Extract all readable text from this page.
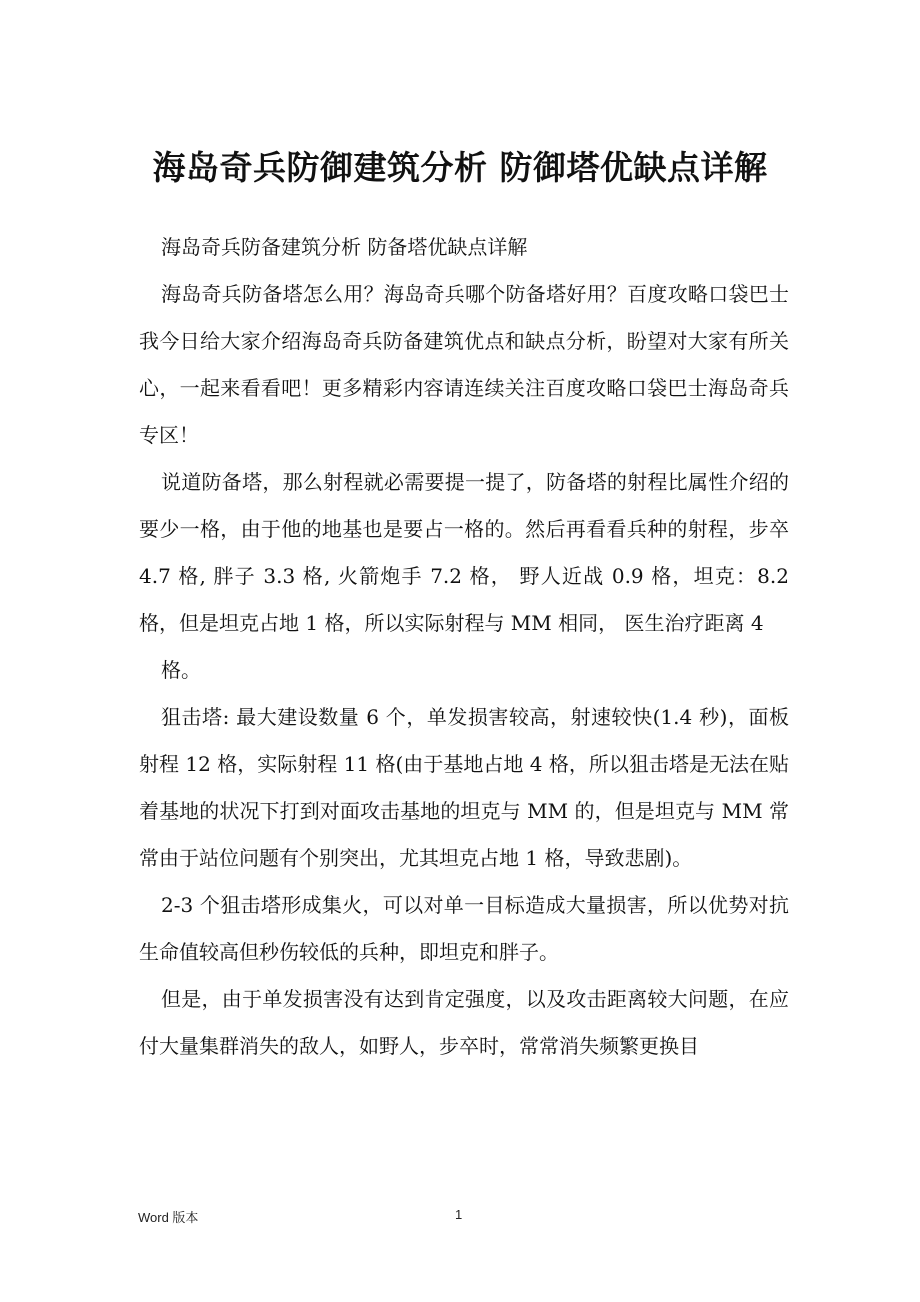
海岛奇兵防御建筑分析 防御塔优缺点详解

海岛奇兵防备建筑分析 防备塔优缺点详解

海岛奇兵防备塔怎么用？海岛奇兵哪个防备塔好用？百度攻略口袋巴士我今日给大家介绍海岛奇兵防备建筑优点和缺点分析，盼望对大家有所关心，一起来看看吧！更多精彩内容请连续关注百度攻略口袋巴士海岛奇兵专区！

说道防备塔，那么射程就必需要提一提了，防备塔的射程比属性介绍的要少一格，由于他的地基也是要占一格的。然后再看看兵种的射程，步卒 4.7 格, 胖子 3.3 格, 火箭炮手 7.2 格， 野人近战 0.9 格，坦克：8.2 格，但是坦克占地 1 格，所以实际射程与 MM 相同， 医生治疗距离 4

格。

狙击塔: 最大建设数量 6 个，单发损害较高，射速较快(1.4 秒)，面板射程 12 格，实际射程 11 格(由于基地占地 4 格，所以狙击塔是无法在贴着基地的状况下打到对面攻击基地的坦克与 MM 的，但是坦克与 MM 常常由于站位问题有个别突出，尤其坦克占地 1 格，导致悲剧)。

2-3 个狙击塔形成集火，可以对单一目标造成大量损害，所以优势对抗生命值较高但秒伤较低的兵种，即坦克和胖子。

但是，由于单发损害没有达到肯定强度，以及攻击距离较大问题，在应付大量集群消失的敌人，如野人，步卒时，常常消失频繁更换目

Word 版本	1
